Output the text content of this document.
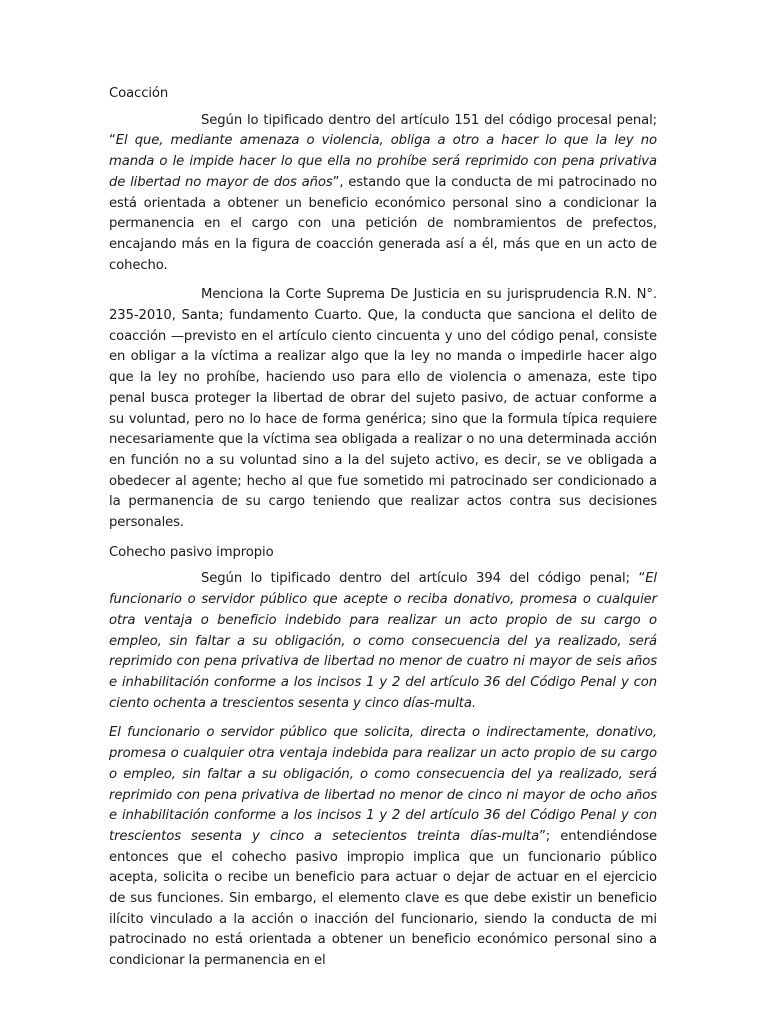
Coacción

Según lo tipificado dentro del artículo 151 del código procesal penal; “El que, mediante amenaza o violencia, obliga a otro a hacer lo que la ley no manda o le impide hacer lo que ella no prohíbe será reprimido con pena privativa de libertad no mayor de dos años”, estando que la conducta de mi patrocinado no está orientada a obtener un beneficio económico personal sino a condicionar la permanencia en el cargo con una petición de nombramientos de prefectos, encajando más en la figura de coacción generada así a él, más que en un acto de cohecho.

Menciona la Corte Suprema De Justicia en su jurisprudencia R.N. N°. 235-2010, Santa; fundamento Cuarto. Que, la conducta que sanciona el delito de coacción —previsto en el artículo ciento cincuenta y uno del código penal, consiste en obligar a la víctima a realizar algo que la ley no manda o impedirle hacer algo que la ley no prohíbe, haciendo uso para ello de violencia o amenaza, este tipo penal busca proteger la libertad de obrar del sujeto pasivo, de actuar conforme a su voluntad, pero no lo hace de forma genérica; sino que la formula típica requiere necesariamente que la víctima sea obligada a realizar o no una determinada acción en función no a su voluntad sino a la del sujeto activo, es decir, se ve obligada a obedecer al agente; hecho al que fue sometido mi patrocinado ser condicionado a la permanencia de su cargo teniendo que realizar actos contra sus decisiones personales.

Cohecho pasivo impropio

Según lo tipificado dentro del artículo 394 del código penal; “El funcionario o servidor público que acepte o reciba donativo, promesa o cualquier otra ventaja o beneficio indebido para realizar un acto propio de su cargo o empleo, sin faltar a su obligación, o como consecuencia del ya realizado, será reprimido con pena privativa de libertad no menor de cuatro ni mayor de seis años e inhabilitación conforme a los incisos 1 y 2 del artículo 36 del Código Penal y con ciento ochenta a trescientos sesenta y cinco días-multa.

El funcionario o servidor público que solicita, directa o indirectamente, donativo, promesa o cualquier otra ventaja indebida para realizar un acto propio de su cargo o empleo, sin faltar a su obligación, o como consecuencia del ya realizado, será reprimido con pena privativa de libertad no menor de cinco ni mayor de ocho años e inhabilitación conforme a los incisos 1 y 2 del artículo 36 del Código Penal y con trescientos sesenta y cinco a setecientos treinta días-multa”; entendiéndose entonces que el cohecho pasivo impropio implica que un funcionario público acepta, solicita o recibe un beneficio para actuar o dejar de actuar en el ejercicio de sus funciones. Sin embargo, el elemento clave es que debe existir un beneficio ilícito vinculado a la acción o inacción del funcionario, siendo la conducta de mi patrocinado no está orientada a obtener un beneficio económico personal sino a condicionar la permanencia en el
